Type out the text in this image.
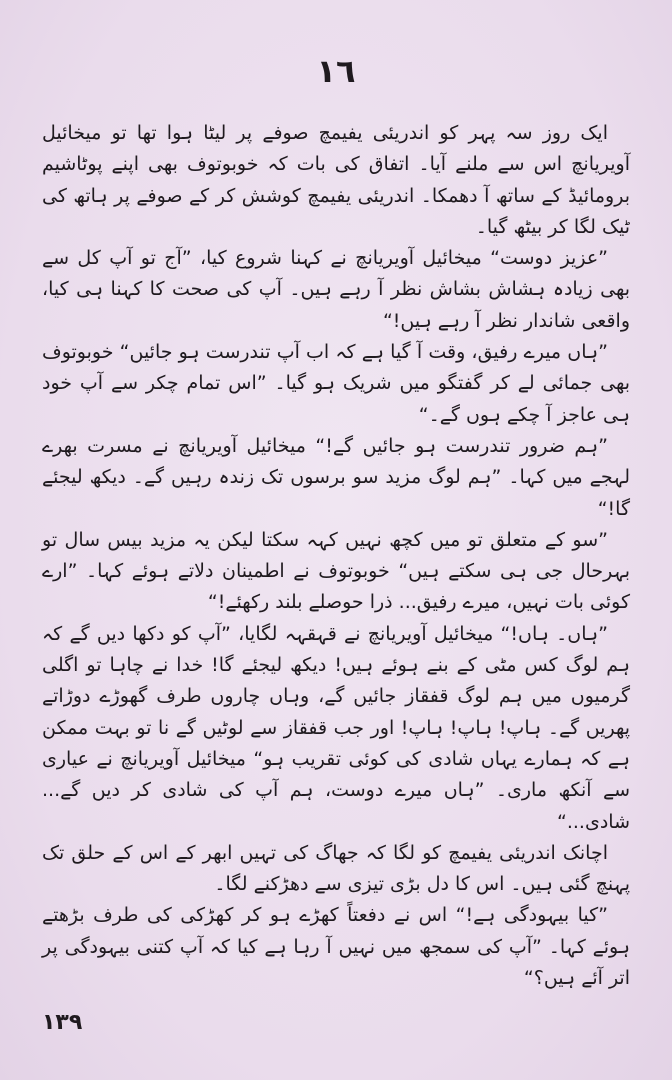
١٦

ایک روز سہ پہر کو اندریئی یفیمچ صوفے پر لیٹا ہوا تھا تو میخائیل آویریانچ اس سے ملنے آیا۔ اتفاق کی بات کہ خوبوتوف بھی اپنے پوٹاشیم برومائیڈ کے ساتھ آ دھمکا۔ اندریئی یفیمچ کوشش کر کے صوفے پر ہاتھ کی ٹیک لگا کر بیٹھ گیا۔

”عزیز دوست“ میخائیل آویریانچ نے کہنا شروع کیا، ”آج تو آپ کل سے بھی زیادہ ہشاش بشاش نظر آ رہے ہیں۔ آپ کی صحت کا کہنا ہی کیا، واقعی شاندار نظر آ رہے ہیں!“

”ہاں میرے رفیق، وقت آ گیا ہے کہ اب آپ تندرست ہو جائیں“ خوبوتوف بھی جمائی لے کر گفتگو میں شریک ہو گیا۔ ”اس تمام چکر سے آپ خود ہی عاجز آ چکے ہوں گے۔“

”ہم ضرور تندرست ہو جائیں گے!“ میخائیل آویریانچ نے مسرت بھرے لہجے میں کہا۔ ”ہم لوگ مزید سو برسوں تک زندہ رہیں گے۔ دیکھ لیجئے گا!“

”سو کے متعلق تو میں کچھ نہیں کہہ سکتا لیکن یہ مزید بیس سال تو بہرحال جی ہی سکتے ہیں“ خوبوتوف نے اطمینان دلاتے ہوئے کہا۔ ”ارے کوئی بات نہیں، میرے رفیق... ذرا حوصلے بلند رکھئے!“

”ہاں۔ ہاں!“ میخائیل آویریانچ نے قہقہہ لگایا، ”آپ کو دکھا دیں گے کہ ہم لوگ کس مٹی کے بنے ہوئے ہیں! دیکھ لیجئے گا! خدا نے چاہا تو اگلی گرمیوں میں ہم لوگ قفقاز جائیں گے، وہاں چاروں طرف گھوڑے دوڑاتے پھریں گے۔ ہاپ! ہاپ! ہاپ! اور جب قفقاز سے لوٹیں گے نا تو بہت ممکن ہے کہ ہمارے یہاں شادی کی کوئی تقریب ہو“ میخائیل آویریانچ نے عیاری سے آنکھ ماری۔ ”ہاں میرے دوست، ہم آپ کی شادی کر دیں گے... شادی...“

اچانک اندریئی یفیمچ کو لگا کہ جھاگ کی تہیں ابھر کے اس کے حلق تک پہنچ گئی ہیں۔ اس کا دل بڑی تیزی سے دھڑکنے لگا۔

”کیا بیہودگی ہے!“ اس نے دفعتاً کھڑے ہو کر کھڑکی کی طرف بڑھتے ہوئے کہا۔ ”آپ کی سمجھ میں نہیں آ رہا ہے کیا کہ آپ کتنی بیہودگی پر اتر آئے ہیں؟“

١٣٩
